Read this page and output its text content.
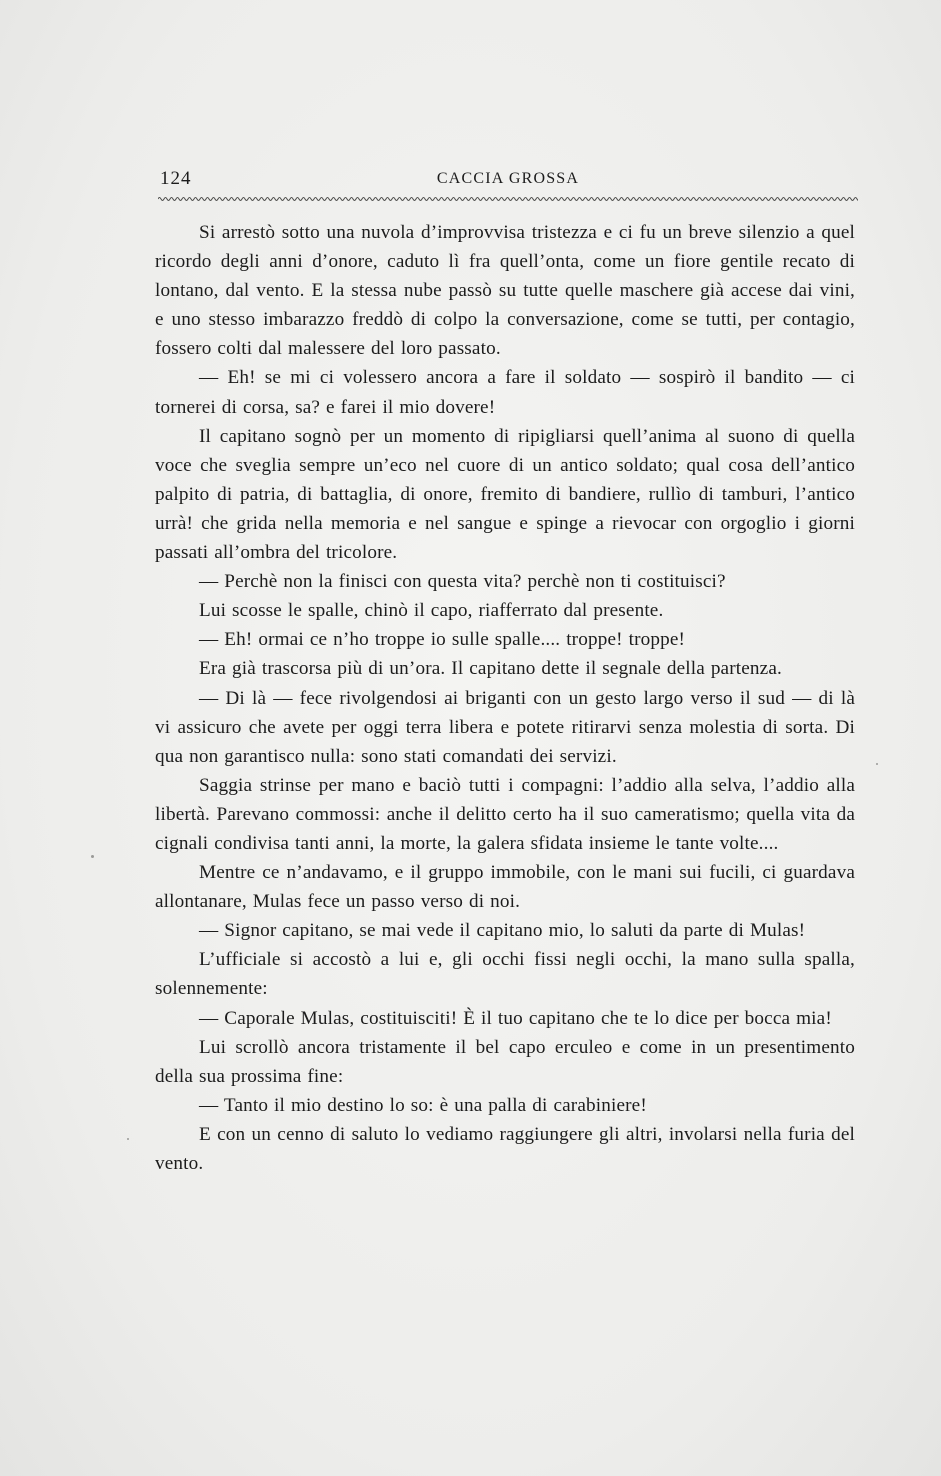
124	CACCIA GROSSA

Si arrestò sotto una nuvola d’improvvisa tristezza e ci fu un breve silenzio a quel ricordo degli anni d’onore, caduto lì fra quell’onta, come un fiore gentile recato di lontano, dal vento. E la stessa nube passò su tutte quelle maschere già accese dai vini, e uno stesso imbarazzo freddò di colpo la conversazione, come se tutti, per contagio, fossero colti dal malessere del loro passato.

— Eh! se mi ci volessero ancora a fare il soldato — sospirò il bandito — ci tornerei di corsa, sa? e farei il mio dovere!

Il capitano sognò per un momento di ripigliarsi quell’anima al suono di quella voce che sveglia sempre un’eco nel cuore di un antico soldato; qual cosa dell’antico palpito di patria, di battaglia, di onore, fremito di bandiere, rullìo di tamburi, l’antico urrà! che grida nella memoria e nel sangue e spinge a rievocar con orgoglio i giorni passati all’ombra del tricolore.

— Perchè non la finisci con questa vita? perchè non ti costituisci?

Lui scosse le spalle, chinò il capo, riafferrato dal presente.

— Eh! ormai ce n’ho troppe io sulle spalle.... troppe! troppe!

Era già trascorsa più di un’ora. Il capitano dette il segnale della partenza.

— Di là — fece rivolgendosi ai briganti con un gesto largo verso il sud — di là vi assicuro che avete per oggi terra libera e potete ritirarvi senza molestia di sorta. Di qua non garantisco nulla: sono stati comandati dei servizi.

Saggia strinse per mano e baciò tutti i compagni: l’addio alla selva, l’addio alla libertà. Parevano commossi: anche il delitto certo ha il suo cameratismo; quella vita da cignali condivisa tanti anni, la morte, la galera sfidata insieme le tante volte....

Mentre ce n’andavamo, e il gruppo immobile, con le mani sui fucili, ci guardava allontanare, Mulas fece un passo verso di noi.

— Signor capitano, se mai vede il capitano mio, lo saluti da parte di Mulas!

L’ufficiale si accostò a lui e, gli occhi fissi negli occhi, la mano sulla spalla, solennemente:

— Caporale Mulas, costituisciti! È il tuo capitano che te lo dice per bocca mia!

Lui scrollò ancora tristamente il bel capo erculeo e come in un presentimento della sua prossima fine:

— Tanto il mio destino lo so: è una palla di carabiniere!

E con un cenno di saluto lo vediamo raggiungere gli altri, involarsi nella furia del vento.
